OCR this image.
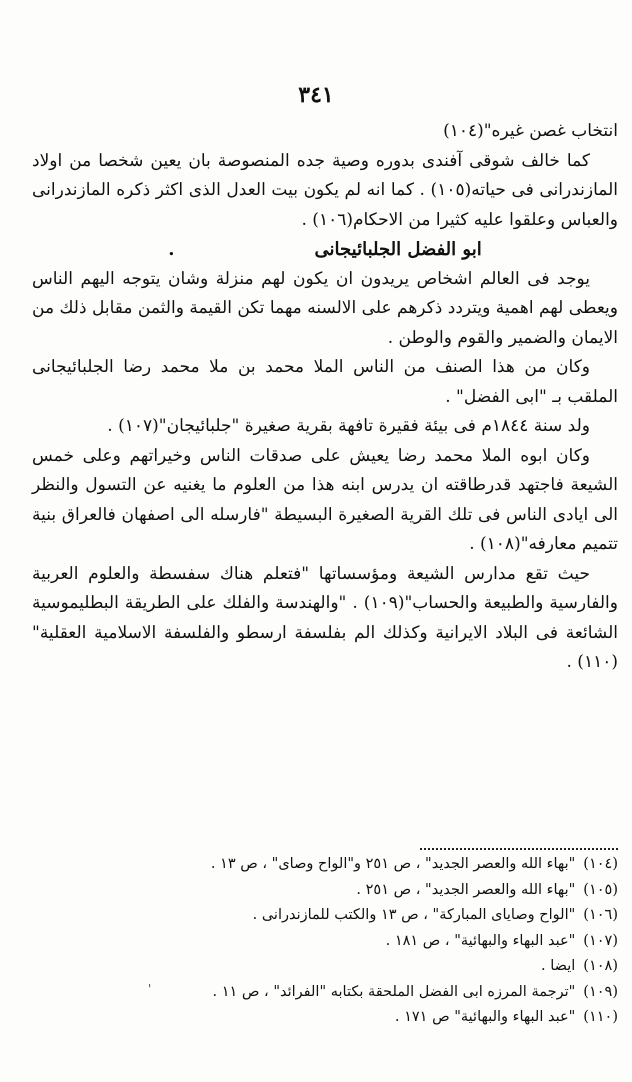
٣٤١

انتخاب غصن غيره"(١٠٤)

كما خالف شوقى آفندى بدوره وصية جده المنصوصة بان يعين شخصا من اولاد المازندرانى فى حياته(١٠٥) . كما انه لم يكون بيت العدل الذى اكثر ذكره المازندرانى والعباس وعلقوا عليه كثيرا من الاحكام(١٠٦) .

ابو الفضل الجلبائيجانى.

يوجد فى العالم اشخاص يريدون ان يكون لهم منزلة وشان يتوجه اليهم الناس ويعطى لهم اهمية ويتردد ذكرهم على الالسنه مهما تكن القيمة والثمن مقابل ذلك من الايمان والضمير والقوم والوطن .

وكان من هذا الصنف من الناس الملا محمد بن ملا محمد رضا الجلبائيجانى الملقب بـ "ابى الفضل" .

ولد سنة ١٨٤٤م فى بيئة فقيرة تافهة بقرية صغيرة "جلبائيجان"(١٠٧) .

وكان ابوه الملا محمد رضا يعيش على صدقات الناس وخيراتهم وعلى خمس الشيعة فاجتهد قدرطاقته ان يدرس ابنه هذا من العلوم ما يغنيه عن التسول والنظر الى ايادى الناس فى تلك القرية الصغيرة البسيطة "فارسله الى اصفهان فالعراق بنية تتميم معارفه"(١٠٨) .

حيث تقع مدارس الشيعة ومؤسساتها "فتعلم هناك سفسطة والعلوم العربية والفارسية والطبيعة والحساب"(١٠٩) . "والهندسة والفلك على الطريقة البطليموسية الشائعة فى البلاد الايرانية وكذلك الم بفلسفة ارسطو والفلسفة الاسلامية العقلية"(١١٠) .

(١٠٤)"بهاء الله والعصر الجديد" ، ص ٢٥١ و"الواح وصاى" ، ص ١٣ .

(١٠٥)"بهاء الله والعصر الجديد" ، ص ٢٥١ .

(١٠٦)"الواح وصاياى المباركة" ، ص ١٣ والكتب للمازندرانى .

(١٠٧)"عبد البهاء والبهائية" ، ص ١٨١ .

(١٠٨)ايضا .

(١٠٩)"ترجمة المرزه ابى الفضل الملحقة بكتابه "الفرائد" ، ص ١١ .

(١١٠)"عبد البهاء والبهائية" ص ١٧١ .

'
